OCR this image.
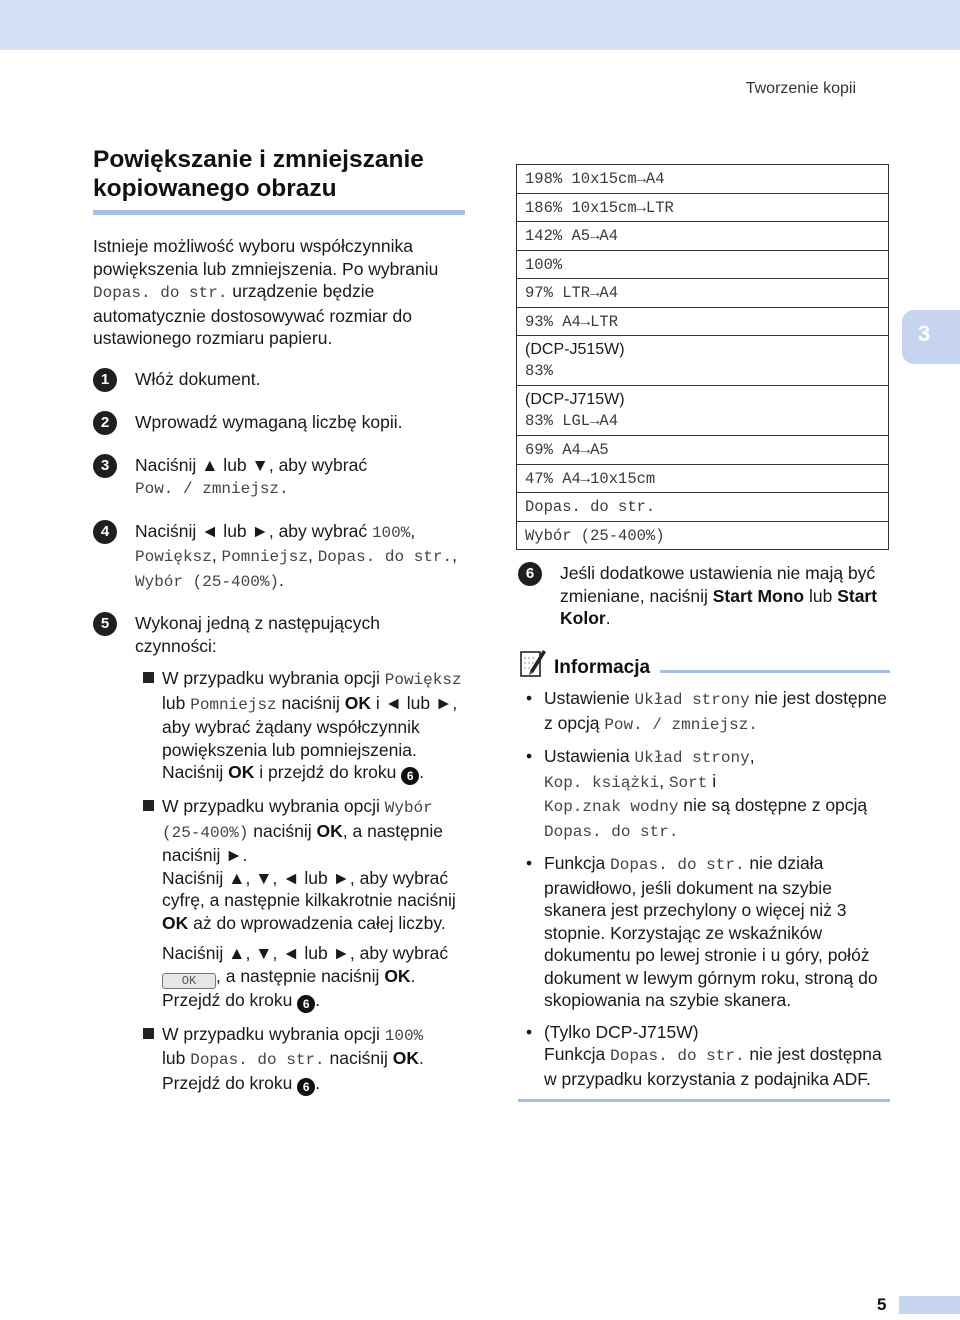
Tworzenie kopii
3
Powiększanie i zmniejszanie kopiowanego obrazu

Istnieje możliwość wyboru współczynnika powiększenia lub zmniejszenia. Po wybraniu Dopas. do str. urządzenie będzie automatycznie dostosowywać rozmiar do ustawionego rozmiaru papieru.

1	Włóż dokument.
2	Wprowadź wymaganą liczbę kopii.
3	Naciśnij ▲ lub ▼, aby wybrać
Pow. / zmniejsz.
4	Naciśnij ◄ lub ►, aby wybrać 100%, Powiększ, Pomniejsz, Dopas. do str., Wybór (25-400%).
5	Wykonaj jedną z następujących czynności:
W przypadku wybrania opcji Powiększ lub Pomniejsz naciśnij OK i ◄ lub ►, aby wybrać żądany współczynnik powiększenia lub pomniejszenia. Naciśnij OK i przejdź do kroku 6 .
W przypadku wybrania opcji Wybór (25-400%) naciśnij OK, a następnie naciśnij ►.
Naciśnij ▲, ▼, ◄ lub ►, aby wybrać cyfrę, a następnie kilkakrotnie naciśnij OK aż do wprowadzenia całej liczby.
Naciśnij ▲, ▼, ◄ lub ►, aby wybrać OK , a następnie naciśnij OK.
Przejdź do kroku 6 .
W przypadku wybrania opcji 100%
lub Dopas. do str. naciśnij OK.
Przejdź do kroku 6 .
198% 10x15cm→A4
186% 10x15cm→LTR
142% A5→A4
100%
97% LTR→A4
93% A4→LTR

(DCP-J515W)
83%

(DCP-J715W)
83% LGL→A4

69% A4→A5
47% A4→10x15cm
Dopas. do str.
Wybór (25-400%)
6	Jeśli dodatkowe ustawienia nie mają być zmieniane, naciśnij Start Mono lub Start Kolor.
Informacja
• Ustawienie Układ strony nie jest dostępne z opcją Pow. / zmniejsz.
• Ustawienia Układ strony,
Kop. książki, Sort i
Kop.znak wodny nie są dostępne z opcją Dopas. do str.
• Funkcja Dopas. do str. nie działa prawidłowo, jeśli dokument na szybie skanera jest przechylony o więcej niż 3 stopnie. Korzystając ze wskaźników dokumentu po lewej stronie i u góry, połóż dokument w lewym górnym roku, stroną do skopiowania na szybie skanera.
• (Tylko DCP-J715W)
Funkcja Dopas. do str. nie jest dostępna w przypadku korzystania z podajnika ADF.
5
